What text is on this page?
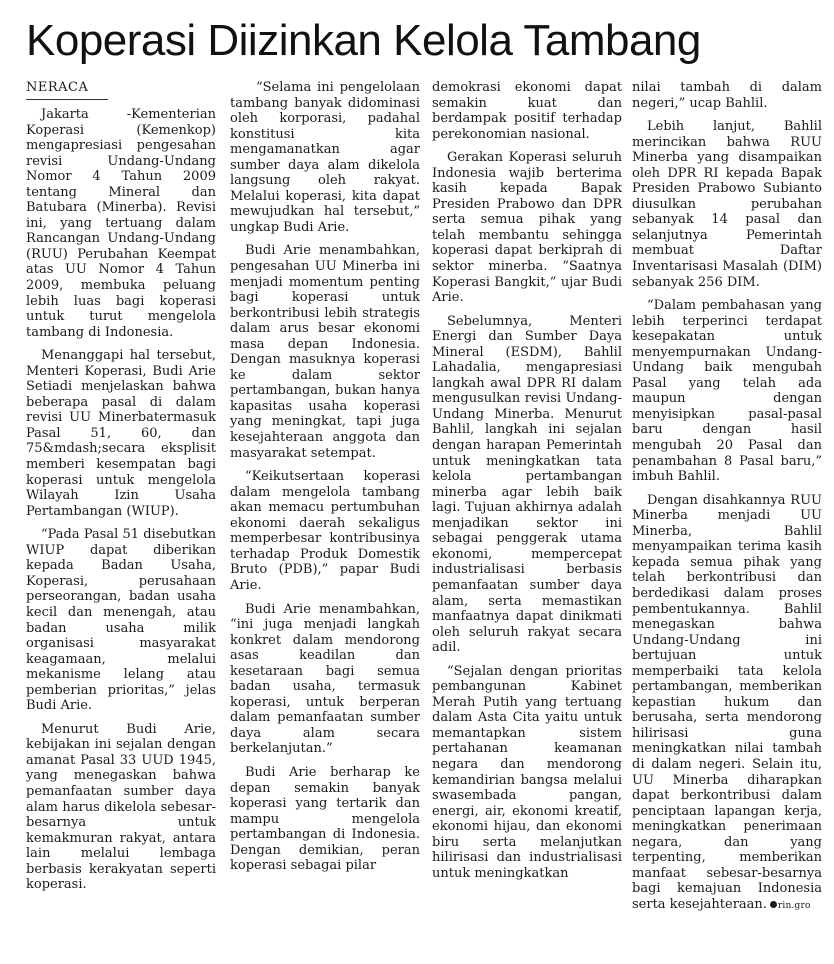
Koperasi Diizinkan Kelola Tambang
NERACA

Jakarta -Kementerian Koperasi (Kemenkop) mengapresiasi pengesahan revisi Undang-Undang Nomor 4 Tahun 2009 tentang Mineral dan Batubara (Minerba). Revisi ini, yang tertuang dalam Rancangan Undang-Undang (RUU) Perubahan Keempat atas UU Nomor 4 Tahun 2009, membuka peluang lebih luas bagi koperasi untuk turut mengelola tambang di Indonesia.

Menanggapi hal tersebut, Menteri Koperasi, Budi Arie Setiadi menjelaskan bahwa beberapa pasal di dalam revisi UU Minerbatermasuk Pasal 51, 60, dan 75&mdash;secara eksplisit memberi kesempatan bagi koperasi untuk mengelola Wilayah Izin Usaha Pertambangan (WIUP).

“Pada Pasal 51 disebutkan WIUP dapat diberikan kepada Badan Usaha, Koperasi, perusahaan perseorangan, badan usaha kecil dan menengah, atau badan usaha milik organisasi masyarakat keagamaan, melalui mekanisme lelang atau pemberian prioritas,” jelas Budi Arie.

Menurut Budi Arie, kebijakan ini sejalan dengan amanat Pasal 33 UUD 1945, yang menegaskan bahwa pemanfaatan sumber daya alam harus dikelola sebesar-besarnya untuk kemakmuran rakyat, antara lain melalui lembaga berbasis kerakyatan seperti koperasi.

“Selama ini pengelolaan tambang banyak didominasi oleh korporasi, padahal konstitusi kita mengamanatkan agar sumber daya alam dikelola langsung oleh rakyat. Melalui koperasi, kita dapat mewujudkan hal tersebut,” ungkap Budi Arie.

Budi Arie menambahkan, pengesahan UU Minerba ini menjadi momentum penting bagi koperasi untuk berkontribusi lebih strategis dalam arus besar ekonomi masa depan Indonesia. Dengan masuknya koperasi ke dalam sektor pertambangan, bukan hanya kapasitas usaha koperasi yang meningkat, tapi juga kesejahteraan anggota dan masyarakat setempat.

“Keikutsertaan koperasi dalam mengelola tambang akan memacu pertumbuhan ekonomi daerah sekaligus memperbesar kontribusinya terhadap Produk Domestik Bruto (PDB),” papar Budi Arie.

Budi Arie menambahkan, “ini juga menjadi langkah konkret dalam mendorong asas keadilan dan kesetaraan bagi semua badan usaha, termasuk koperasi, untuk berperan dalam pemanfaatan sumber daya alam secara berkelanjutan.”

Budi Arie berharap ke depan semakin banyak koperasi yang tertarik dan mampu mengelola pertambangan di Indonesia. Dengan demikian, peran koperasi sebagai pilar

demokrasi ekonomi dapat semakin kuat dan berdampak positif terhadap perekonomian nasional.

Gerakan Koperasi seluruh Indonesia wajib berterima kasih kepada Bapak Presiden Prabowo dan DPR serta semua pihak yang telah membantu sehingga koperasi dapat berkiprah di sektor minerba. “Saatnya Koperasi Bangkit,” ujar Budi Arie.

Sebelumnya, Menteri Energi dan Sumber Daya Mineral (ESDM), Bahlil Lahadalia, mengapresiasi langkah awal DPR RI dalam mengusulkan revisi Undang-Undang Minerba. Menurut Bahlil, langkah ini sejalan dengan harapan Pemerintah untuk meningkatkan tata kelola pertambangan minerba agar lebih baik lagi. Tujuan akhirnya adalah menjadikan sektor ini sebagai penggerak utama ekonomi, mempercepat industrialisasi berbasis pemanfaatan sumber daya alam, serta memastikan manfaatnya dapat dinikmati oleh seluruh rakyat secara adil.

“Sejalan dengan prioritas pembangunan Kabinet Merah Putih yang tertuang dalam Asta Cita yaitu untuk memantapkan sistem pertahanan keamanan negara dan mendorong kemandirian bangsa melalui swasembada pangan, energi, air, ekonomi kreatif, ekonomi hijau, dan ekonomi biru serta melanjutkan hilirisasi dan industrialisasi untuk meningkatkan

nilai tambah di dalam negeri,” ucap Bahlil.

Lebih lanjut, Bahlil merincikan bahwa RUU Minerba yang disampaikan oleh DPR RI kepada Bapak Presiden Prabowo Subianto diusulkan perubahan sebanyak 14 pasal dan selanjutnya Pemerintah membuat Daftar Inventarisasi Masalah (DIM) sebanyak 256 DIM.

“Dalam pembahasan yang lebih terperinci terdapat kesepakatan untuk menyempurnakan Undang-Undang baik mengubah Pasal yang telah ada maupun dengan menyisipkan pasal-pasal baru dengan hasil mengubah 20 Pasal dan penambahan 8 Pasal baru,” imbuh Bahlil.

Dengan disahkannya RUU Minerba menjadi UU Minerba, Bahlil menyampaikan terima kasih kepada semua pihak yang telah berkontribusi dan berdedikasi dalam proses pembentukannya. Bahlil menegaskan bahwa Undang-Undang ini bertujuan untuk memperbaiki tata kelola pertambangan, memberikan kepastian hukum dan berusaha, serta mendorong hilirisasi guna meningkatkan nilai tambah di dalam negeri. Selain itu, UU Minerba diharapkan dapat berkontribusi dalam penciptaan lapangan kerja, meningkatkan penerimaan negara, dan yang terpenting, memberikan manfaat sebesar-besarnya bagi kemajuan Indonesia serta kesejahteraan. rin.gro
